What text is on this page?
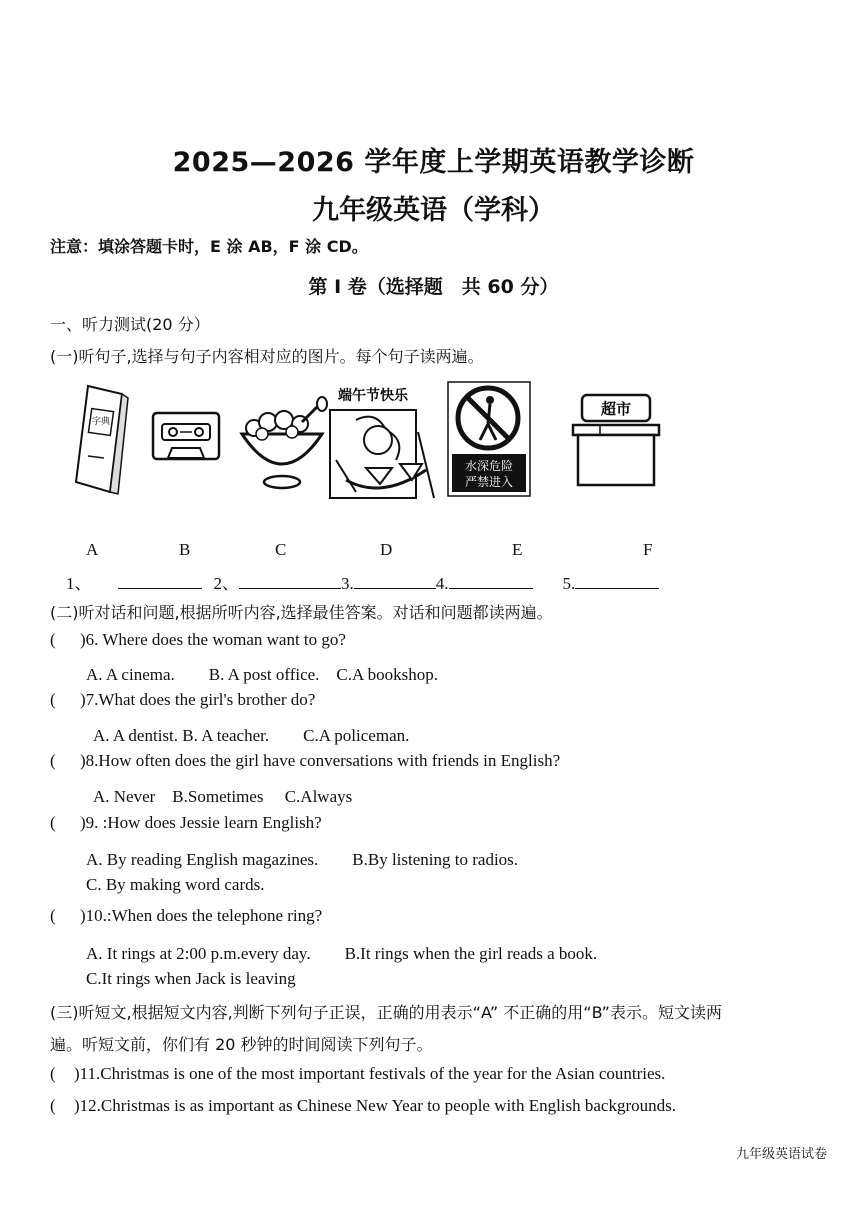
2025—2026 学年度上学期英语教学诊断
九年级英语（学科）
注意：填涂答题卡时，E 涂 AB，F 涂 CD。
第 I 卷（选择题　共 60 分）
一、听力测试(20 分）
(一)听句子,选择与句子内容相对应的图片。每个句子读两遍。
字典
端午节快乐
水深危险
严禁进入
超市
A	B	C	D	E	F
1、	2、	3.	4.	5.
(二)听对话和问题,根据所听内容,选择最佳答案。对话和问题都读两遍。
( )6. Where does the woman want to go?
A. A cinema.　　B. A post office.　C.A bookshop.
( )7.What does the girl's brother do?
A. A dentist. B. A teacher.　　C.A policeman.
( )8.How often does the girl have conversations with friends in English?
A. Never　B.Sometimes　 C.Always
( )9. :How does Jessie learn English?
A. By reading English magazines.　　B.By listening to radios.
C. By making word cards.
( )10.:When does the telephone ring?
A. It rings at 2:00 p.m.every day.　　B.It rings when the girl reads a book.
C.It rings when Jack is leaving
(三)听短文,根据短文内容,判断下列句子正误，正确的用表示“A” 不正确的用“B”表示。短文读两
遍。听短文前，你们有 20 秒钟的时间阅读下列句子。
( )11.Christmas is one of the most important festivals of the year for the Asian countries.
( )12.Christmas is as important as Chinese New Year to people with English backgrounds.
九年级英语试卷
